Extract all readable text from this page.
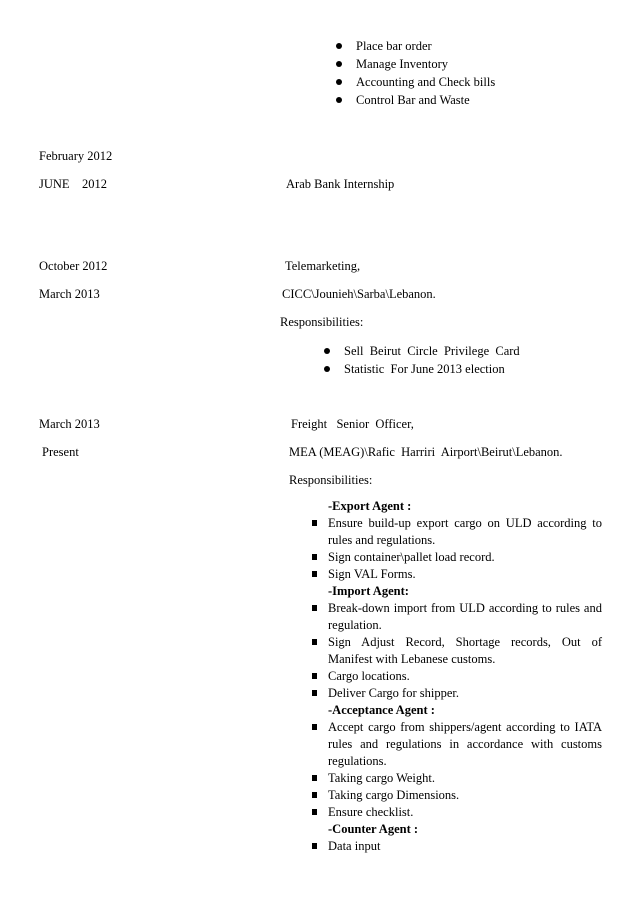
Place bar order
Manage Inventory
Accounting and Check bills
Control Bar and Waste
February 2012
JUNE    2012	Arab Bank Internship
October 2012
March 2013
Telemarketing,
CICC\Jounieh\Sarba\Lebanon.
Responsibilities:
Sell  Beirut  Circle  Privilege  Card
Statistic  For June 2013 election
March 2013
Present
Freight   Senior  Officer,
MEA (MEAG)\Rafic  Harriri  Airport\Beirut\Lebanon.
Responsibilities:
-Export Agent :
Ensure build-up export cargo on ULD according to rules and regulations.
Sign container\pallet load record.
Sign VAL Forms.
-Import Agent:
Break-down import from ULD according to rules and regulation.
Sign Adjust Record, Shortage records, Out of Manifest with Lebanese customs.
Cargo locations.
Deliver Cargo for shipper.
-Acceptance Agent :
Accept cargo from shippers/agent according to IATA rules and regulations in accordance with customs regulations.
Taking cargo Weight.
Taking cargo Dimensions.
Ensure checklist.
-Counter Agent :
Data input
